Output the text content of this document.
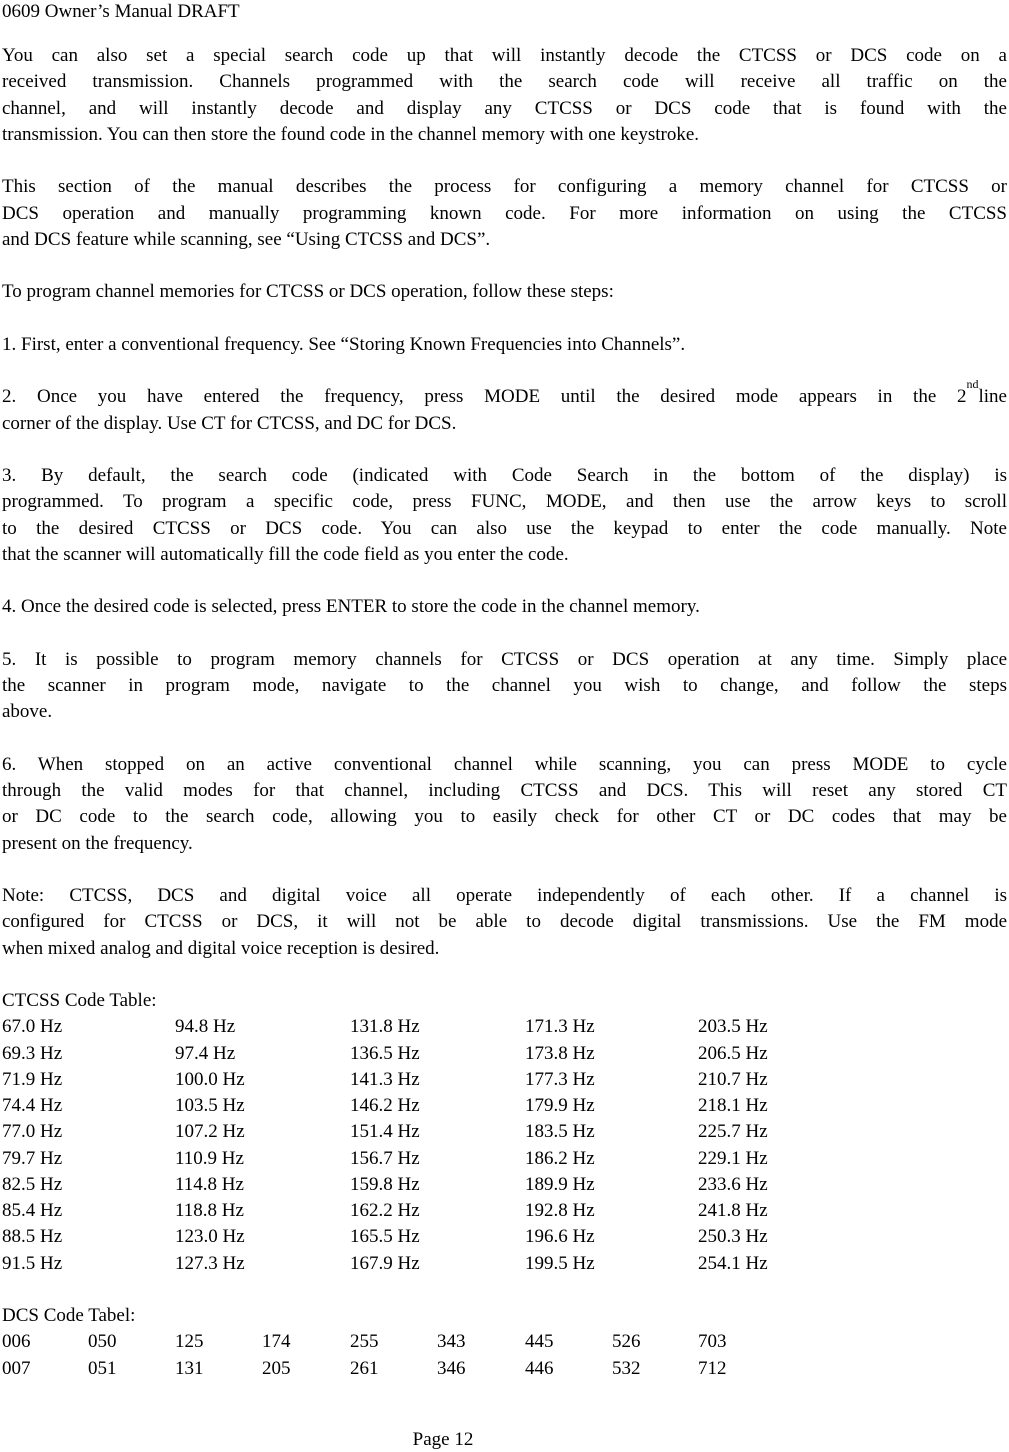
0609 Owner’s Manual DRAFT
You can also set a special search code up that will instantly decode the CTCSS or DCS code on a
received transmission. Channels programmed with the search code will receive all traffic on the
channel, and will instantly decode and display any CTCSS or DCS code that is found with the
transmission. You can then store the found code in the channel memory with one keystroke.
This section of the manual describes the process for configuring a memory channel for CTCSS or
DCS operation and manually programming known code. For more information on using the CTCSS
and DCS feature while scanning, see “Using CTCSS and DCS”.
To program channel memories for CTCSS or DCS operation, follow these steps:
1. First, enter a conventional frequency. See “Storing Known Frequencies into Channels”.
2. Once you have entered the frequency, press MODE until the desired mode appears in the 2
nd
line
corner of the display. Use CT for CTCSS, and DC for DCS.
3. By default, the search code (indicated with Code Search in the bottom of the display) is
programmed. To program a specific code, press FUNC, MODE, and then use the arrow keys to scroll
to the desired CTCSS or DCS code. You can also use the keypad to enter the code manually. Note
that the scanner will automatically fill the code field as you enter the code.
4. Once the desired code is selected, press ENTER to store the code in the channel memory.
5. It is possible to program memory channels for CTCSS or DCS operation at any time. Simply place
the scanner in program mode, navigate to the channel you wish to change, and follow the steps
above.
6. When stopped on an active conventional channel while scanning, you can press MODE to cycle
through the valid modes for that channel, including CTCSS and DCS. This will reset any stored CT
or DC code to the search code, allowing you to easily check for other CT or DC codes that may be
present on the frequency.
Note: CTCSS, DCS and digital voice all operate independently of each other. If a channel is
configured for CTCSS or DCS, it will not be able to decode digital transmissions. Use the FM mode
when mixed analog and digital voice reception is desired.
CTCSS Code Table:
67.0 Hz	94.8 Hz	131.8 Hz	171.3 Hz	203.5 Hz
69.3 Hz	97.4 Hz	136.5 Hz	173.8 Hz	206.5 Hz
71.9 Hz	100.0 Hz	141.3 Hz	177.3 Hz	210.7 Hz
74.4 Hz	103.5 Hz	146.2 Hz	179.9 Hz	218.1 Hz
77.0 Hz	107.2 Hz	151.4 Hz	183.5 Hz	225.7 Hz
79.7 Hz	110.9 Hz	156.7 Hz	186.2 Hz	229.1 Hz
82.5 Hz	114.8 Hz	159.8 Hz	189.9 Hz	233.6 Hz
85.4 Hz	118.8 Hz	162.2 Hz	192.8 Hz	241.8 Hz
88.5 Hz	123.0 Hz	165.5 Hz	196.6 Hz	250.3 Hz
91.5 Hz	127.3 Hz	167.9 Hz	199.5 Hz	254.1 Hz
DCS Code Tabel:
006	050	125	174	255	343	445	526	703
007	051	131	205	261	346	446	532	712
Page 12
